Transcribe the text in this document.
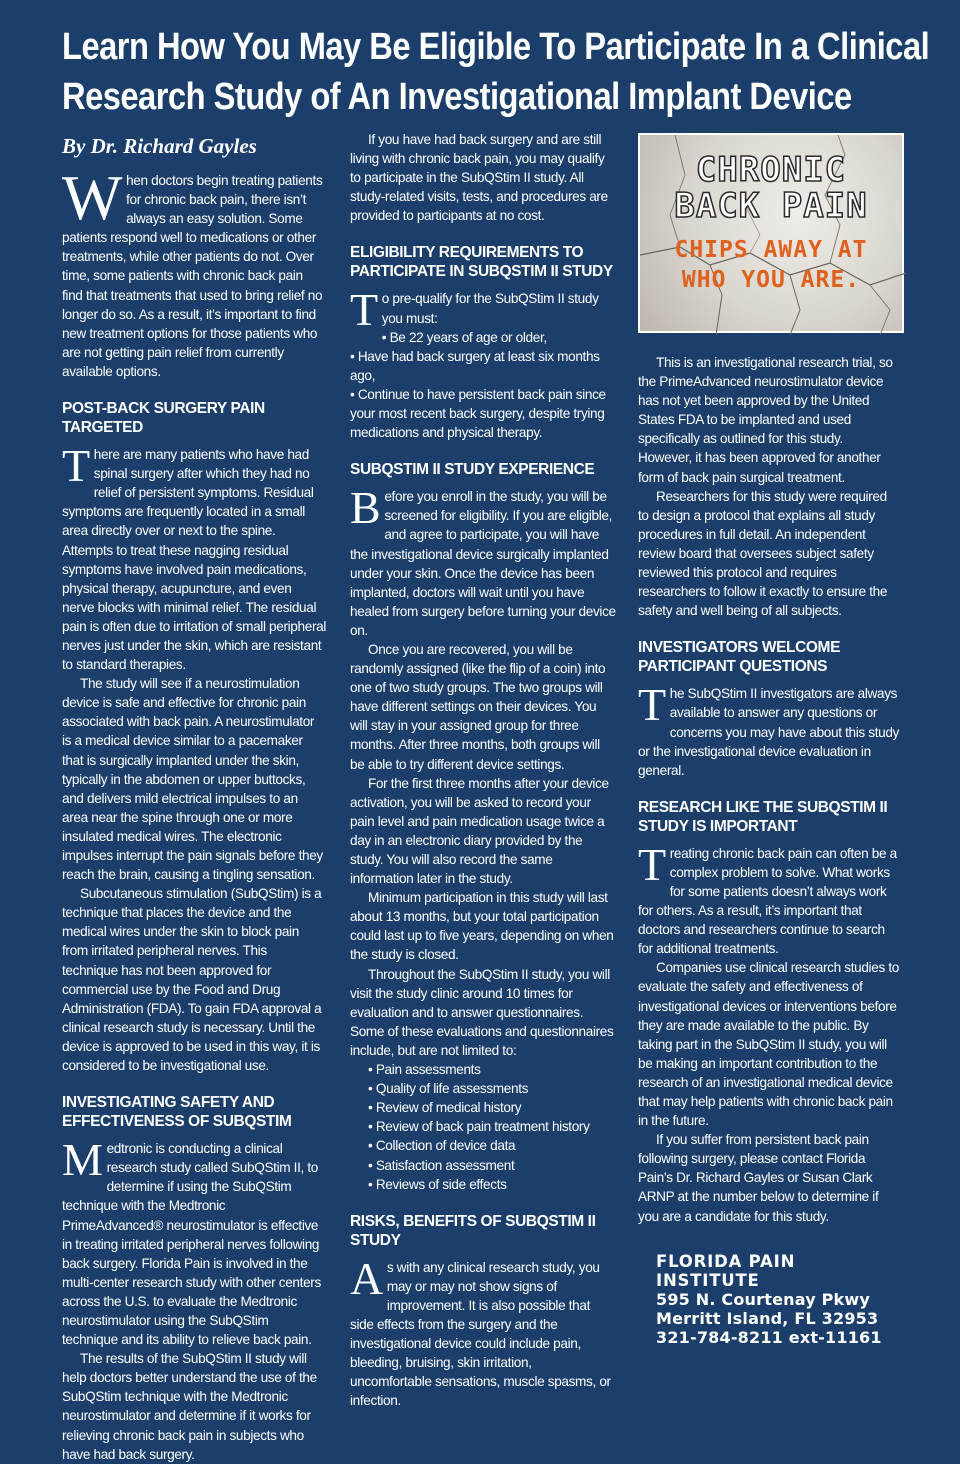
Learn How You May Be Eligible To Participate In a Clinical Research Study of An Investigational Implant Device
By Dr. Richard Gayles

When doctors begin treating patients for chronic back pain, there isn’t always an easy solution. Some patients respond well to medications or other treatments, while other patients do not. Over time, some patients with chronic back pain find that treatments that used to bring relief no longer do so. As a result, it’s important to find new treatment options for those patients who are not getting pain relief from currently available options.

POST-BACK SURGERY PAIN TARGETED

There are many patients who have had spinal surgery after which they had no relief of persistent symptoms. Residual symptoms are frequently located in a small area directly over or next to the spine. Attempts to treat these nagging residual symptoms have involved pain medications, physical therapy, acupuncture, and even nerve blocks with minimal relief. The residual pain is often due to irritation of small peripheral nerves just under the skin, which are resistant to standard therapies.

The study will see if a neurostimulation device is safe and effective for chronic pain associated with back pain. A neurostimulator is a medical device similar to a pacemaker that is surgically implanted under the skin, typically in the abdomen or upper buttocks, and delivers mild electrical impulses to an area near the spine through one or more insulated medical wires. The electronic impulses interrupt the pain signals before they reach the brain, causing a tingling sensation.

Subcutaneous stimulation (SubQStim) is a technique that places the device and the medical wires under the skin to block pain from irritated peripheral nerves. This technique has not been approved for commercial use by the Food and Drug Administration (FDA). To gain FDA approval a clinical research study is necessary. Until the device is approved to be used in this way, it is considered to be investigational use.

INVESTIGATING SAFETY AND EFFECTIVENESS OF SUBQSTIM

Medtronic is conducting a clinical research study called SubQStim II, to determine if using the SubQStim technique with the Medtronic PrimeAdvanced® neurostimulator is effective in treating irritated peripheral nerves following back surgery. Florida Pain is involved in the multi-center research study with other centers across the U.S. to evaluate the Medtronic neurostimulator using the SubQStim technique and its ability to relieve back pain.

The results of the SubQStim II study will help doctors better understand the use of the SubQStim technique with the Medtronic neurostimulator and determine if it works for relieving chronic back pain in subjects who have had back surgery.

If you have had back surgery and are still living with chronic back pain, you may qualify to participate in the SubQStim II study. All study-related visits, tests, and procedures are provided to participants at no cost.

ELIGIBILITY REQUIREMENTS TO PARTICIPATE IN SUBQSTIM II STUDY

To pre-qualify for the SubQStim II study you must:

• Be 22 years of age or older,
• Have had back surgery at least six months ago,
• Continue to have persistent back pain since your most recent back surgery, despite trying medications and physical therapy.
SUBQSTIM II STUDY EXPERIENCE

Before you enroll in the study, you will be screened for eligibility. If you are eligible, and agree to participate, you will have the investigational device surgically implanted under your skin. Once the device has been implanted, doctors will wait until you have healed from surgery before turning your device on.

Once you are recovered, you will be randomly assigned (like the flip of a coin) into one of two study groups. The two groups will have different settings on their devices. You will stay in your assigned group for three months. After three months, both groups will be able to try different device settings.

For the first three months after your device activation, you will be asked to record your pain level and pain medication usage twice a day in an electronic diary provided by the study. You will also record the same information later in the study.

Minimum participation in this study will last about 13 months, but your total participation could last up to five years, depending on when the study is closed.

Throughout the SubQStim II study, you will visit the study clinic around 10 times for evaluation and to answer questionnaires. Some of these evaluations and questionnaires include, but are not limited to:

• Pain assessments
• Quality of life assessments
• Review of medical history
• Review of back pain treatment history
• Collection of device data
• Satisfaction assessment
• Reviews of side effects
RISKS, BENEFITS OF SUBQSTIM II STUDY

As with any clinical research study, you may or may not show signs of improvement. It is also possible that side effects from the surgery and the investigational device could include pain, bleeding, bruising, skin irritation, uncomfortable sensations, muscle spasms, or infection.

CHRONIC
BACK PAIN
CHIPS AWAY AT
WHO YOU ARE.

This is an investigational research trial, so the PrimeAdvanced neurostimulator device has not yet been approved by the United States FDA to be implanted and used specifically as outlined for this study. However, it has been approved for another form of back pain surgical treatment.

Researchers for this study were required to design a protocol that explains all study procedures in full detail. An independent review board that oversees subject safety reviewed this protocol and requires researchers to follow it exactly to ensure the safety and well being of all subjects.

INVESTIGATORS WELCOME PARTICIPANT QUESTIONS

The SubQStim II investigators are always available to answer any questions or concerns you may have about this study or the investigational device evaluation in general.

RESEARCH LIKE THE SUBQSTIM II STUDY IS IMPORTANT

Treating chronic back pain can often be a complex problem to solve. What works for some patients doesn’t always work for others. As a result, it’s important that doctors and researchers continue to search for additional treatments.

Companies use clinical research studies to evaluate the safety and effectiveness of investigational devices or interventions before they are made available to the public. By taking part in the SubQStim II study, you will be making an important contribution to the research of an investigational medical device that may help patients with chronic back pain in the future.

If you suffer from persistent back pain following surgery, please contact Florida Pain’s Dr. Richard Gayles or Susan Clark ARNP at the number below to determine if you are a candidate for this study.

FLORIDA PAIN INSTITUTE
595 N. Courtenay Pkwy
Merritt Island, FL 32953
321-784-8211 ext-11161
